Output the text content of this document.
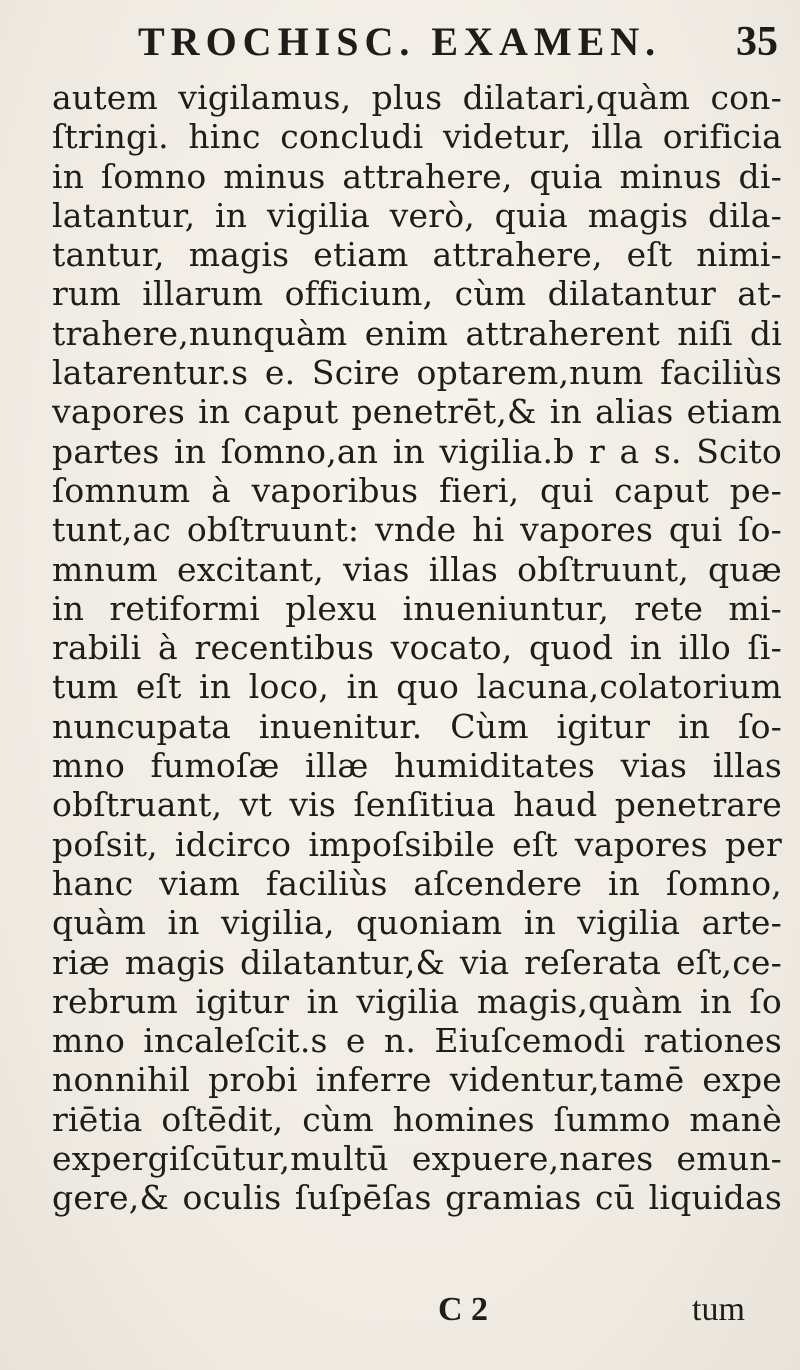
TROCHISC. EXAMEN. 35
autem vigilamus, plus dilatari,quàm con-
ſtringi. hinc concludi videtur, illa orificia
in ſomno minus attrahere, quia minus di-
latantur, in vigilia verò, quia magis dila-
tantur, magis etiam attrahere, eſt nimi-
rum illarum officium, cùm dilatantur at-
trahere,nunquàm enim attraherent niſi di
latarentur.s e. Scire optarem,num faciliùs
vapores in caput penetrēt,& in alias etiam
partes in ſomno,an in vigilia.b r a s. Scito
ſomnum à vaporibus fieri, qui caput pe-
tunt,ac obſtruunt: vnde hi vapores qui ſo-
mnum excitant, vias illas obſtruunt, quæ
in retiformi plexu inueniuntur, rete mi-
rabili à recentibus vocato, quod in illo ſi-
tum eſt in loco, in quo lacuna,colatorium
nuncupata inuenitur. Cùm igitur in ſo-
mno fumoſæ illæ humiditates vias illas
obſtruant, vt vis ſenſitiua haud penetrare
poſsit, idcirco impoſsibile eſt vapores per
hanc viam faciliùs aſcendere in ſomno,
quàm in vigilia, quoniam in vigilia arte-
riæ magis dilatantur,& via reſerata eſt,ce-
rebrum igitur in vigilia magis,quàm in ſo
mno incaleſcit.s e n. Eiuſcemodi rationes
nonnihil probi inferre videntur,tamē expe
riētia oſtēdit, cùm homines ſummo manè
expergiſcūtur,multū expuere,nares emun-
gere,& oculis ſuſpēſas gramias cū liquidas
C 2	tum
